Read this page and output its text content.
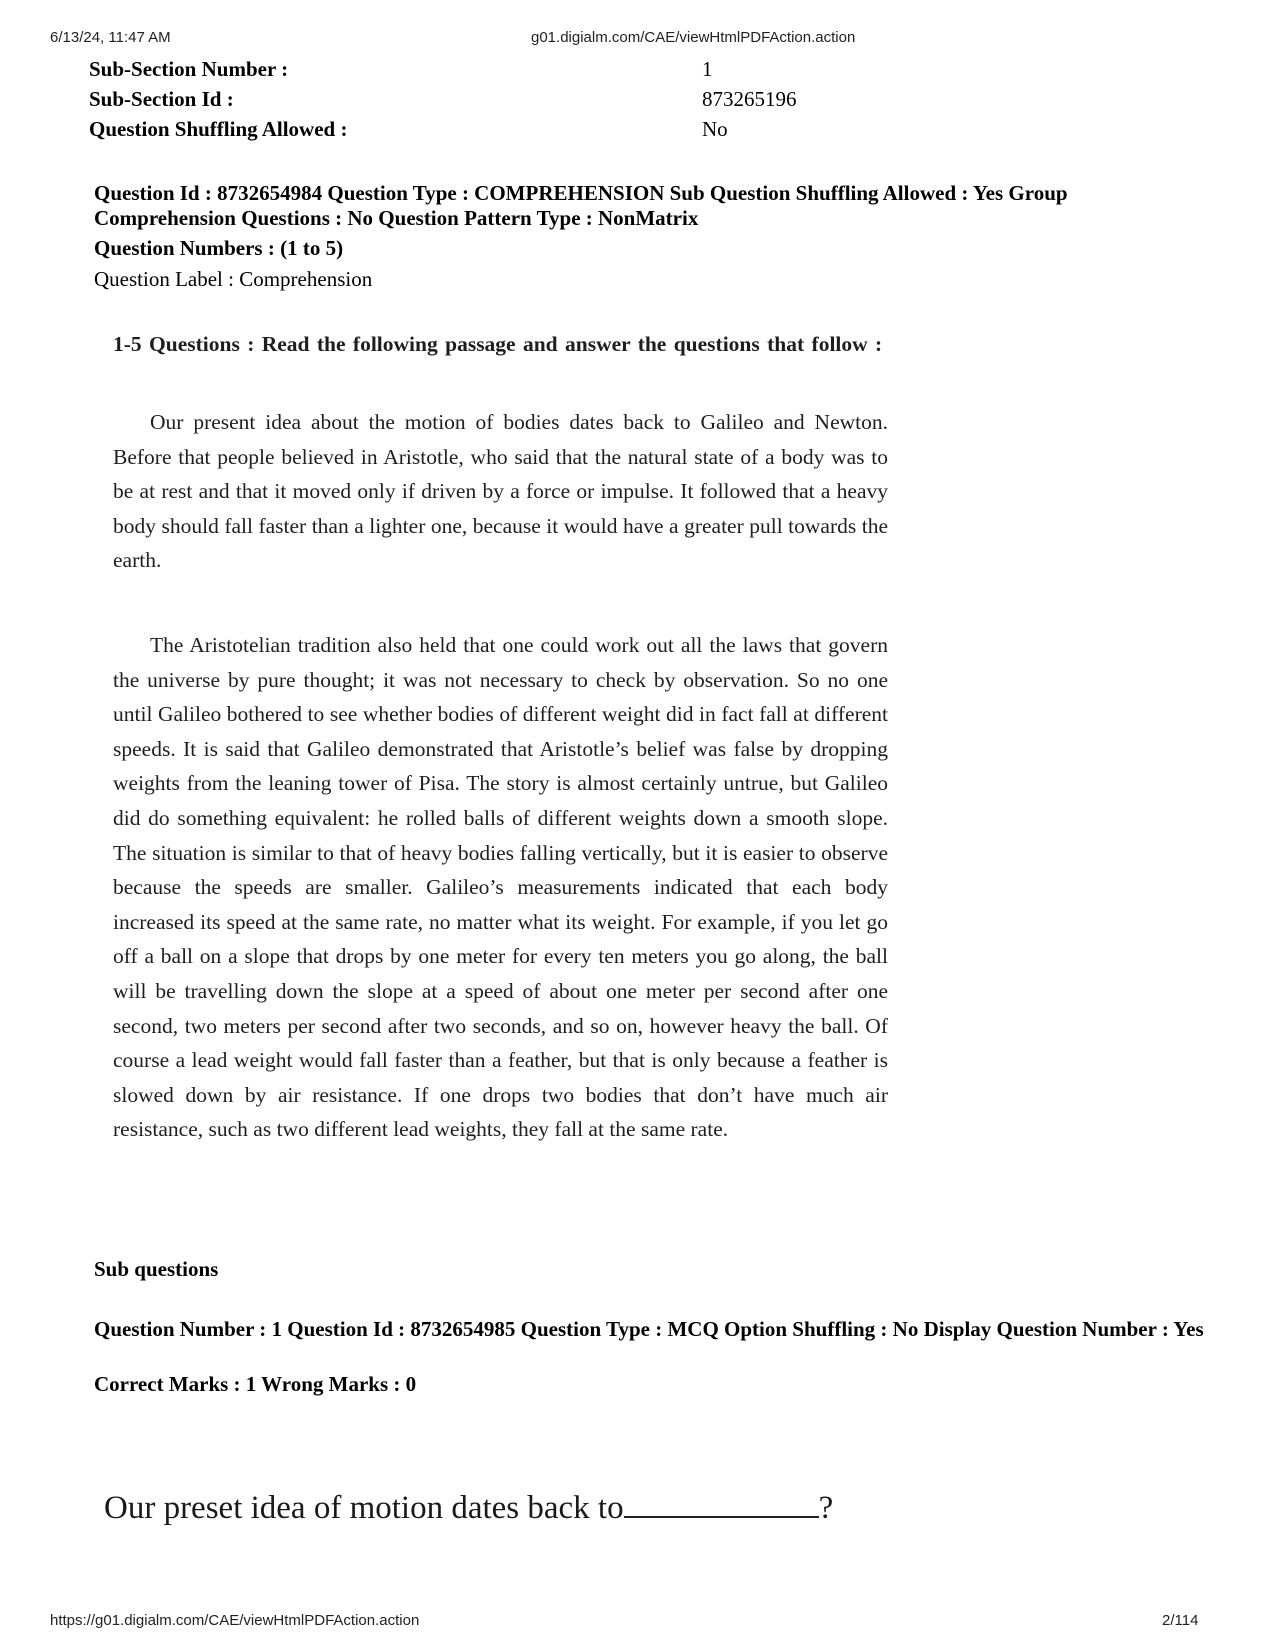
6/13/24, 11:47 AM	g01.digialm.com/CAE/viewHtmlPDFAction.action
Sub-Section Number :	1
Sub-Section Id :	873265196
Question Shuffling Allowed :	No
Question Id : 8732654984 Question Type : COMPREHENSION Sub Question Shuffling Allowed : Yes Group Comprehension Questions : No Question Pattern Type : NonMatrix
Question Numbers : (1 to 5)
Question Label : Comprehension
1-5 Questions : Read the following passage and answer the questions that follow :

Our present idea about the motion of bodies dates back to Galileo and Newton. Before that people believed in Aristotle, who said that the natural state of a body was to be at rest and that it moved only if driven by a force or impulse. It followed that a heavy body should fall faster than a lighter one, because it would have a greater pull towards the earth.

The Aristotelian tradition also held that one could work out all the laws that govern the universe by pure thought; it was not necessary to check by observation. So no one until Galileo bothered to see whether bodies of different weight did in fact fall at different speeds. It is said that Galileo demonstrated that Aristotle’s belief was false by dropping weights from the leaning tower of Pisa. The story is almost certainly untrue, but Galileo did do something equivalent: he rolled balls of different weights down a smooth slope. The situation is similar to that of heavy bodies falling vertically, but it is easier to observe because the speeds are smaller. Galileo’s measurements indicated that each body increased its speed at the same rate, no matter what its weight. For example, if you let go off a ball on a slope that drops by one meter for every ten meters you go along, the ball will be travelling down the slope at a speed of about one meter per second after one second, two meters per second after two seconds, and so on, however heavy the ball. Of course a lead weight would fall faster than a feather, but that is only because a feather is slowed down by air resistance. If one drops two bodies that don’t have much air resistance, such as two different lead weights, they fall at the same rate.

Sub questions
Question Number : 1 Question Id : 8732654985 Question Type : MCQ Option Shuffling : No Display Question Number : Yes
Correct Marks : 1 Wrong Marks : 0
Our preset idea of motion dates back to	?
https://g01.digialm.com/CAE/viewHtmlPDFAction.action	2/114
